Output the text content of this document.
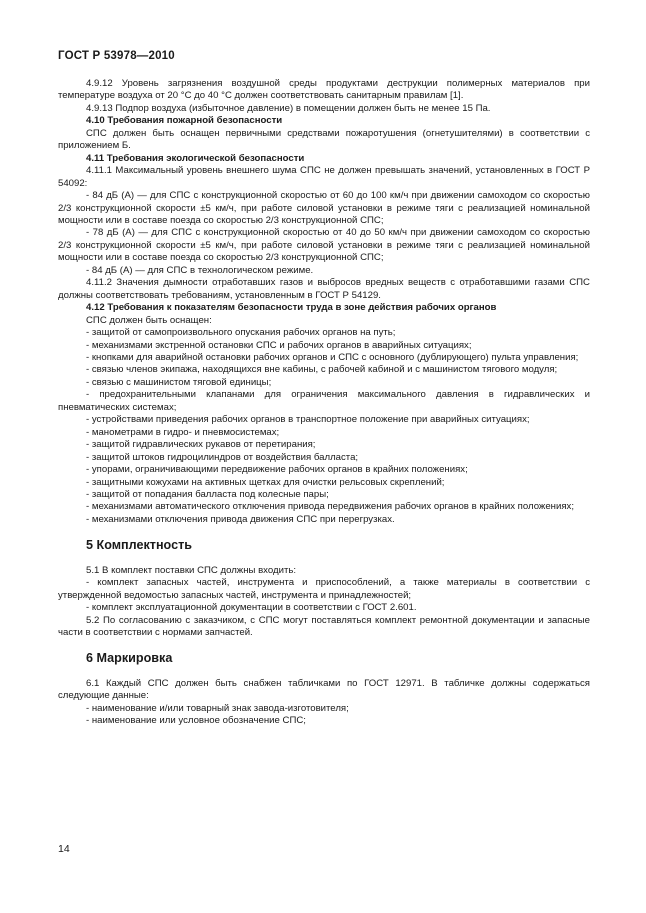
ГОСТ Р 53978—2010

4.9.12 Уровень загрязнения воздушной среды продуктами деструкции полимерных материалов при температуре воздуха от 20 °C до 40 °C должен соответствовать санитарным правилам [1].

4.9.13 Подпор воздуха (избыточное давление) в помещении должен быть не менее 15 Па.

4.10 Требования пожарной безопасности

СПС должен быть оснащен первичными средствами пожаротушения (огнетушителями) в соответствии с приложением Б.

4.11 Требования экологической безопасности

4.11.1 Максимальный уровень внешнего шума СПС не должен превышать значений, установленных в ГОСТ Р 54092:

- 84 дБ (А) — для СПС с конструкционной скоростью от 60 до 100 км/ч при движении самоходом со скоростью 2/3 конструкционной скорости ±5 км/ч, при работе силовой установки в режиме тяги с реализацией номинальной мощности или в составе поезда со скоростью 2/3 конструкционной СПС;

- 78 дБ (А) — для СПС с конструкционной скоростью от 40 до 50 км/ч при движении самоходом со скоростью 2/3 конструкционной скорости ±5 км/ч, при работе силовой установки в режиме тяги с реализацией номинальной мощности или в составе поезда со скоростью 2/3 конструкционной СПС;

- 84 дБ (А) — для СПС в технологическом режиме.

4.11.2 Значения дымности отработавших газов и выбросов вредных веществ с отработавшими газами СПС должны соответствовать требованиям, установленным в ГОСТ Р 54129.

4.12 Требования к показателям безопасности труда в зоне действия рабочих органов

СПС должен быть оснащен:

- защитой от самопроизвольного опускания рабочих органов на путь;

- механизмами экстренной остановки СПС и рабочих органов в аварийных ситуациях;

- кнопками для аварийной остановки рабочих органов и СПС с основного (дублирующего) пульта управления;

- связью членов экипажа, находящихся вне кабины, с рабочей кабиной и с машинистом тягового модуля;

- связью с машинистом тяговой единицы;

- предохранительными клапанами для ограничения максимального давления в гидравлических и пневматических системах;

- устройствами приведения рабочих органов в транспортное положение при аварийных ситуациях;

- манометрами в гидро- и пневмосистемах;

- защитой гидравлических рукавов от перетирания;

- защитой штоков гидроцилиндров от воздействия балласта;

- упорами, ограничивающими передвижение рабочих органов в крайних положениях;

- защитными кожухами на активных щетках для очистки рельсовых скреплений;

- защитой от попадания балласта под колесные пары;

- механизмами автоматического отключения привода передвижения рабочих органов в крайних положениях;

- механизмами отключения привода движения СПС при перегрузках.

5 Комплектность

5.1 В комплект поставки СПС должны входить:

- комплект запасных частей, инструмента и приспособлений, а также материалы в соответствии с утвержденной ведомостью запасных частей, инструмента и принадлежностей;

- комплект эксплуатационной документации в соответствии с ГОСТ 2.601.

5.2 По согласованию с заказчиком, с СПС могут поставляться комплект ремонтной документации и запасные части в соответствии с нормами запчастей.

6 Маркировка

6.1 Каждый СПС должен быть снабжен табличками по ГОСТ 12971. В табличке должны содержаться следующие данные:

- наименование и/или товарный знак завода-изготовителя;

- наименование или условное обозначение СПС;

14
